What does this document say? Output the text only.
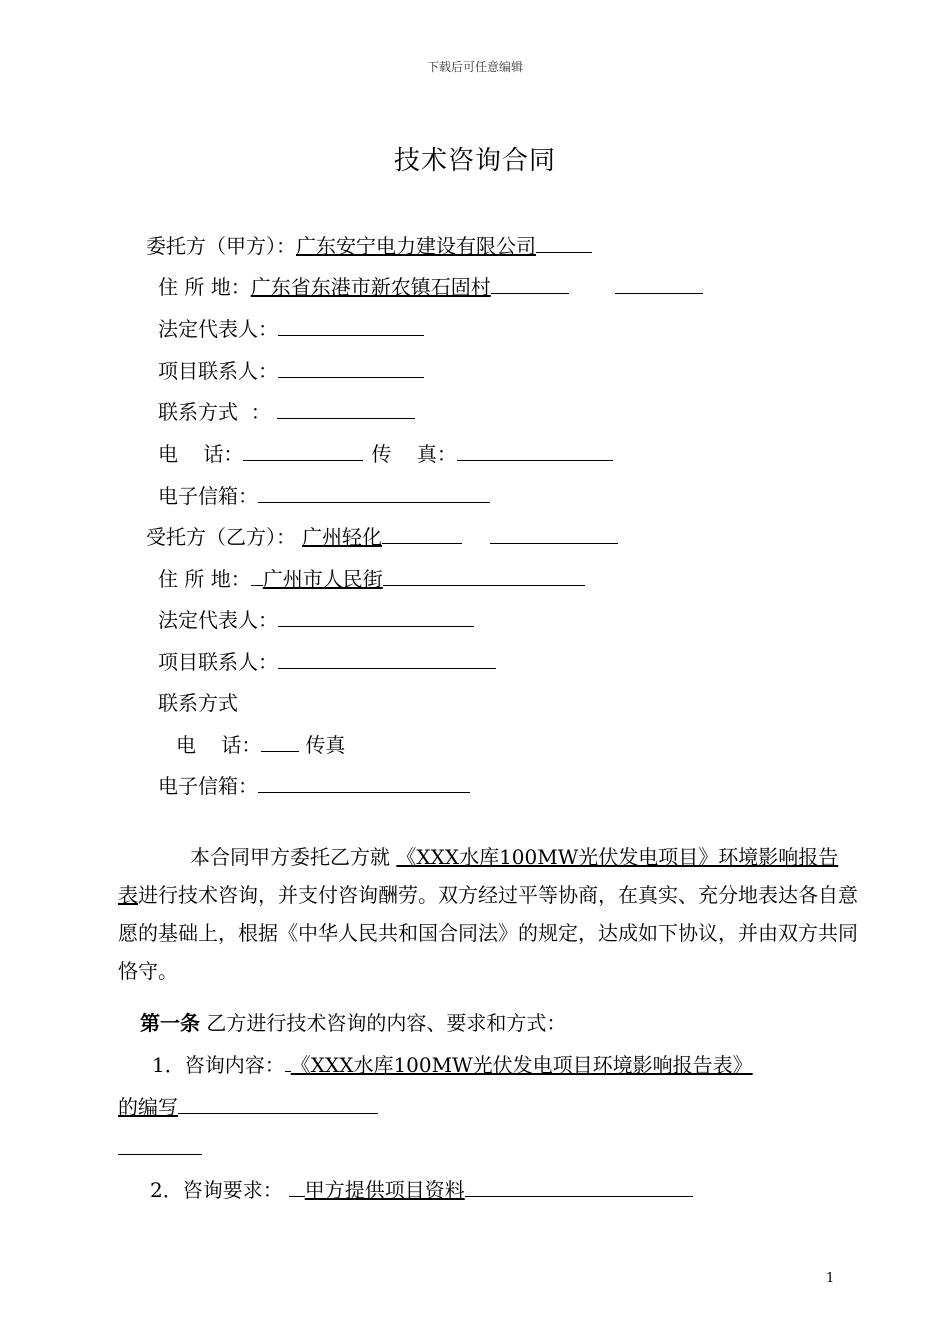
下载后可任意编辑
技术咨询合同
委托方（甲方）：广东安宁电力建设有限公司
住 所 地：广东省东港市新农镇石固村
法定代表人：
项目联系人：
联系方式  ：
电    话：	传    真：
电子信箱：
受托方（乙方）： 广州轻化
住 所 地： 广州市人民街
法定代表人：
项目联系人：
联系方式
电    话： 传真
电子信箱：
本合同甲方委托乙方就 《XXX水库100MW光伏发电项目》环境影响报告表进行技术咨询，并支付咨询酬劳。双方经过平等协商，在真实、充分地表达各自意愿的基础上，根据《中华人民共和国合同法》的规定，达成如下协议，并由双方共同恪守。
第一条 乙方进行技术咨询的内容、要求和方式：
1．咨询内容： 《XXX水库100MW光伏发电项目环境影响报告表》
的编写
2．咨询要求： 甲方提供项目资料
1
